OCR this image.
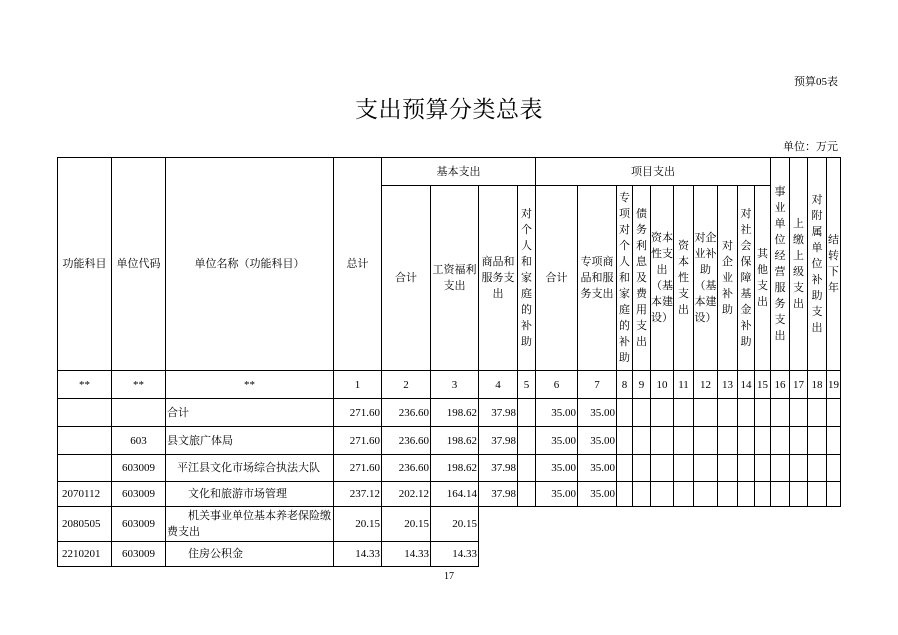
预算05表
支出预算分类总表
单位：万元
功能科目	单位代码	单位名称（功能科目）	总计	基本支出				项目支出										事业单位经营服务支出	上缴上级支出	对附属单位补助支出	结转下年
				合计	工资福利支出	商品和服务支出	对个人和家庭的补助	合计	专项商品和服务支出	专项对个人和家庭的补助	债务利息及费用支出	资本性支出（基本建设）	资本性支出	对企业补助（基本建设）	对企业补助	对社会保障基金补助	其他支出				
**	**	**	1	2	3	4	5	6	7	8	9	10	11	12	13	14	15	16	17	18	19
		合计	271.60	236.60	198.62	37.98		35.00	35.00												
	603	县文旅广体局	271.60	236.60	198.62	37.98		35.00	35.00												
	603009	平江县文化市场综合执法大队	271.60	236.60	198.62	37.98		35.00	35.00												
2070112	603009	文化和旅游市场管理	237.12	202.12	164.14	37.98		35.00	35.00												
2080505	603009	机关事业单位基本养老保险缴费支出	20.15	20.15	20.15																
2210201	603009	住房公积金	14.33	14.33	14.33																
17
